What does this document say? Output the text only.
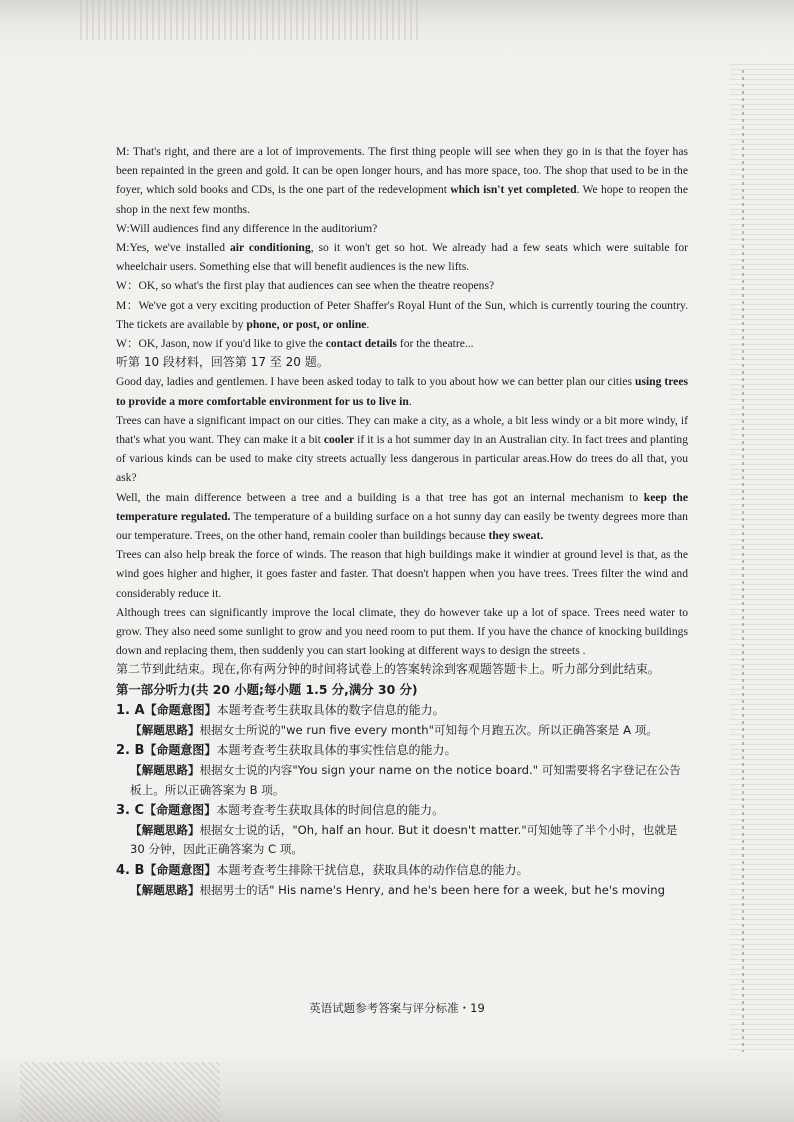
M: That's right, and there are a lot of improvements. The first thing people will see when they go in is that the foyer has been repainted in the green and gold. It can be open longer hours, and has more space, too. The shop that used to be in the foyer, which sold books and CDs, is the one part of the redevelopment which isn't yet completed. We hope to reopen the shop in the next few months.

W:Will audiences find any difference in the auditorium?

M:Yes, we've installed air conditioning, so it won't get so hot. We already had a few seats which were suitable for wheelchair users. Something else that will benefit audiences is the new lifts.

W：OK, so what's the first play that audiences can see when the theatre reopens?

M：We've got a very exciting production of Peter Shaffer's Royal Hunt of the Sun, which is currently touring the country. The tickets are available by phone, or post, or online.

W：OK, Jason, now if you'd like to give the contact details for the theatre...

听第 10 段材料，回答第 17 至 20 题。

Good day, ladies and gentlemen. I have been asked today to talk to you about how we can better plan our cities using trees to provide a more comfortable environment for us to live in.

Trees can have a significant impact on our cities. They can make a city, as a whole, a bit less windy or a bit more windy, if that's what you want. They can make it a bit cooler if it is a hot summer day in an Australian city. In fact trees and planting of various kinds can be used to make city streets actually less dangerous in particular areas.How do trees do all that, you ask?

Well, the main difference between a tree and a building is a that tree has got an internal mechanism to keep the temperature regulated. The temperature of a building surface on a hot sunny day can easily be twenty degrees more than our temperature. Trees, on the other hand, remain cooler than buildings because they sweat.

Trees can also help break the force of winds. The reason that high buildings make it windier at ground level is that, as the wind goes higher and higher, it goes faster and faster. That doesn't happen when you have trees. Trees filter the wind and considerably reduce it.

Although trees can significantly improve the local climate, they do however take up a lot of space. Trees need water to grow. They also need some sunlight to grow and you need room to put them. If you have the chance of knocking buildings down and replacing them, then suddenly you can start looking at different ways to design the streets .

第二节到此结束。现在,你有两分钟的时间将试卷上的答案转涂到客观题答题卡上。听力部分到此结束。

第一部分听力(共 20 小题;每小题 1.5 分,满分 30 分)

1. A【命题意图】本题考查考生获取具体的数字信息的能力。

【解题思路】根据女士所说的"we run five every month"可知每个月跑五次。所以正确答案是 A 项。

2. B【命题意图】本题考查考生获取具体的事实性信息的能力。

【解题思路】根据女士说的内容"You sign your name on the notice board." 可知需要将名字登记在公告板上。所以正确答案为 B 项。

3. C【命题意图】本题考查考生获取具体的时间信息的能力。

【解题思路】根据女士说的话，"Oh, half an hour. But it doesn't matter."可知她等了半个小时，也就是 30 分钟，因此正确答案为 C 项。

4. B【命题意图】本题考查考生排除干扰信息，获取具体的动作信息的能力。

【解题思路】根据男士的话" His name's Henry, and he's been here for a week, but he's moving

英语试题参考答案与评分标准・19
